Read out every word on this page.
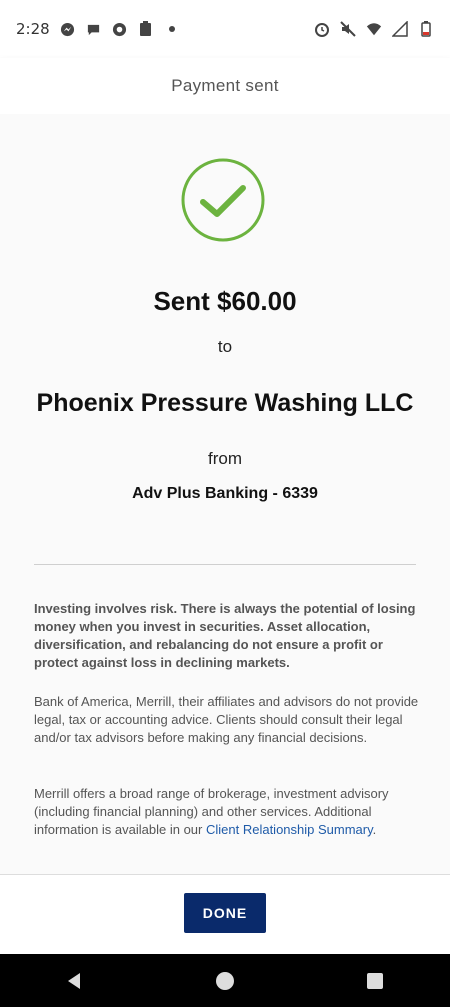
2:28
Payment sent
Sent $60.00
to
Phoenix Pressure Washing LLC
from
Adv Plus Banking - 6339
Investing involves risk. There is always the potential of losing money when you invest in securities. Asset allocation, diversification, and rebalancing do not ensure a profit or protect against loss in declining markets.
Bank of America, Merrill, their affiliates and advisors do not provide legal, tax or accounting advice. Clients should consult their legal and/or tax advisors before making any financial decisions.
Merrill offers a broad range of brokerage, investment advisory (including financial planning) and other services. Additional information is available in our Client Relationship Summary.
DONE
